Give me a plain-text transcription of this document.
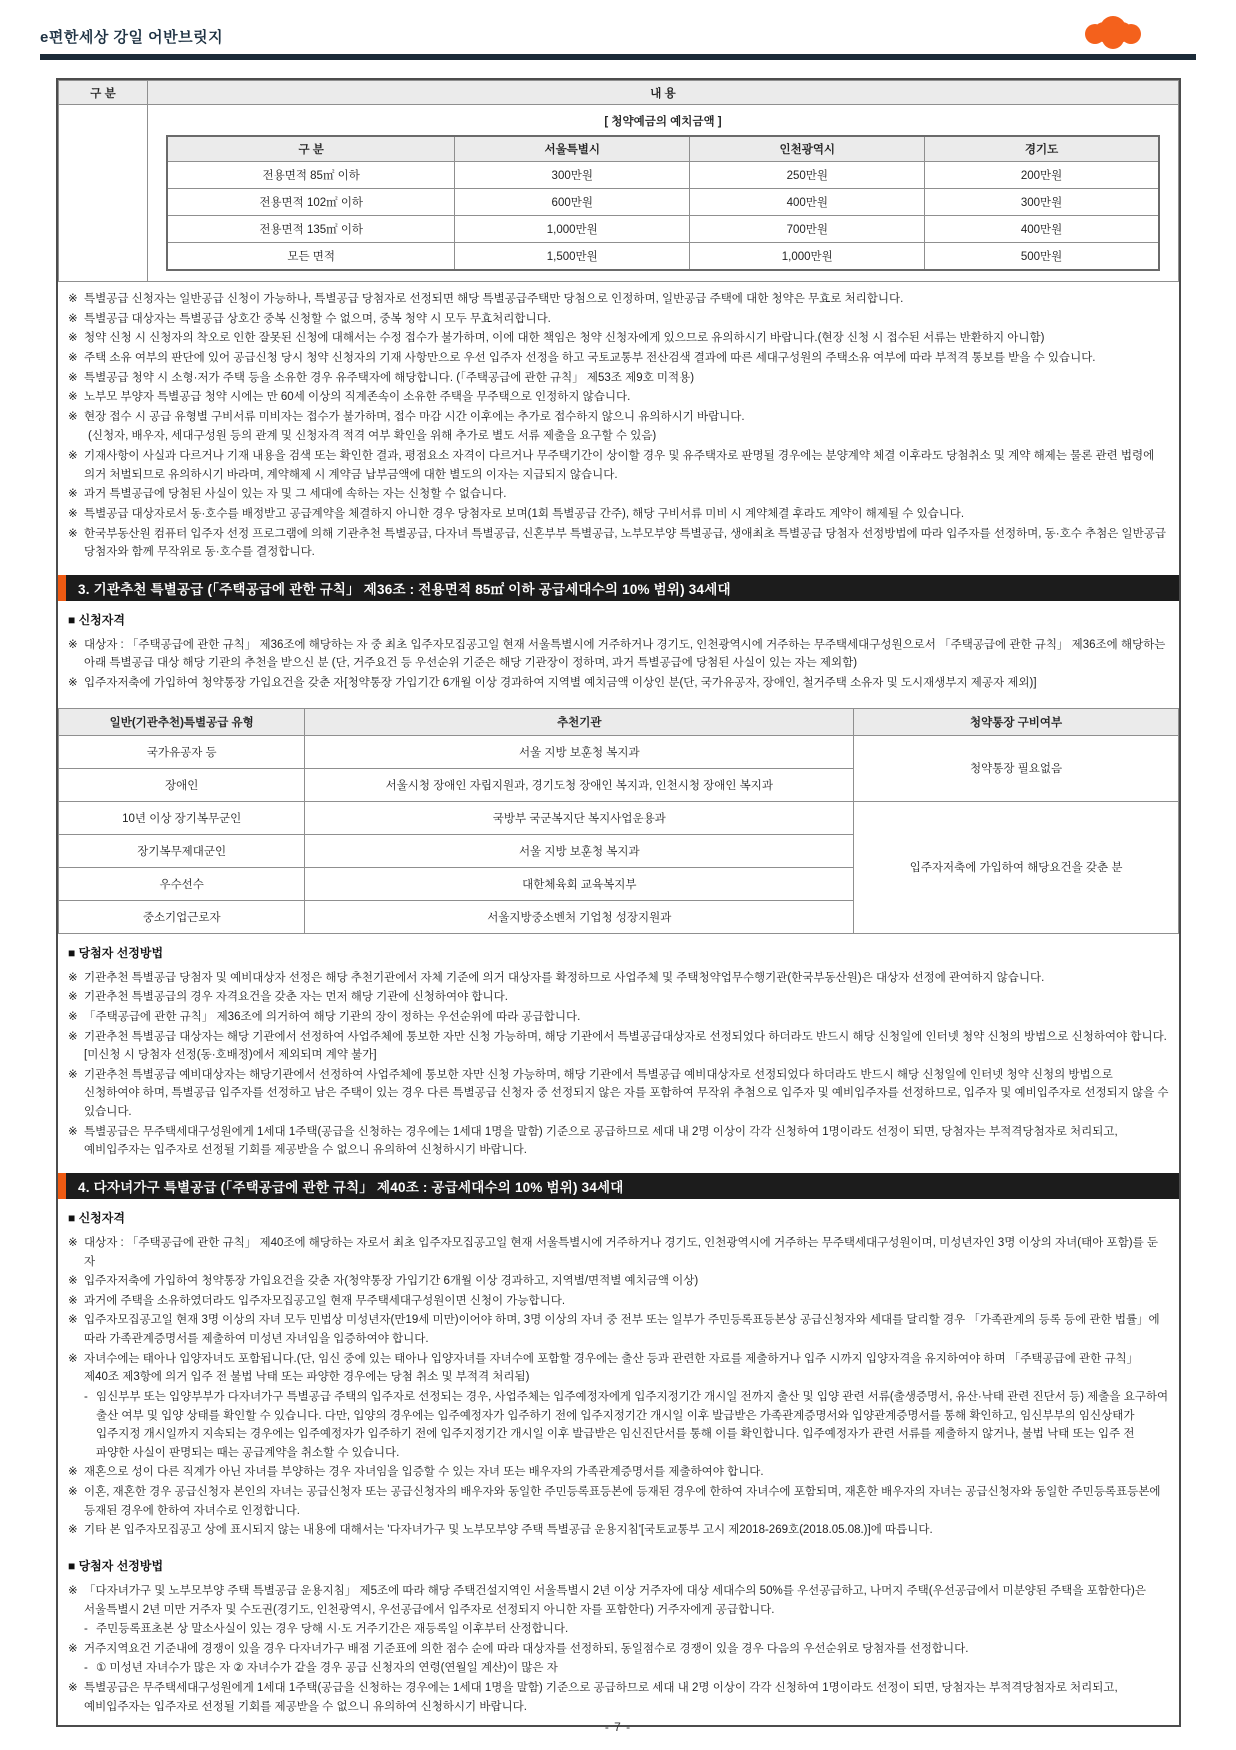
e편한세상 강일 어반브릿지
구 분	내 용

[ 청약예금의 예치금액 ]
구 분	서울특별시	인천광역시	경기도
전용면적 85㎡ 이하	300만원	250만원	200만원
전용면적 102㎡ 이하	600만원	400만원	300만원
전용면적 135㎡ 이하	1,000만원	700만원	400만원
모든 면적	1,500만원	1,000만원	500만원
※ 특별공급 신청자는 일반공급 신청이 가능하나, 특별공급 당첨자로 선정되면 해당 특별공급주택만 당첨으로 인정하며, 일반공급 주택에 대한 청약은 무효로 처리합니다.
※ 특별공급 대상자는 특별공급 상호간 중복 신청할 수 없으며, 중복 청약 시 모두 무효처리합니다.
※ 청약 신청 시 신청자의 착오로 인한 잘못된 신청에 대해서는 수정 접수가 불가하며, 이에 대한 책임은 청약 신청자에게 있으므로 유의하시기 바랍니다.(현장 신청 시 접수된 서류는 반환하지 아니함)
※ 주택 소유 여부의 판단에 있어 공급신청 당시 청약 신청자의 기재 사항만으로 우선 입주자 선정을 하고 국토교통부 전산검색 결과에 따른 세대구성원의 주택소유 여부에 따라 부적격 통보를 받을 수 있습니다.
※ 특별공급 청약 시 소형·저가 주택 등을 소유한 경우 유주택자에 해당합니다. (「주택공급에 관한 규칙」 제53조 제9호 미적용)
※ 노부모 부양자 특별공급 청약 시에는 만 60세 이상의 직계존속이 소유한 주택을 무주택으로 인정하지 않습니다.
※ 현장 접수 시 공급 유형별 구비서류 미비자는 접수가 불가하며, 접수 마감 시간 이후에는 추가로 접수하지 않으니 유의하시기 바랍니다.
(신청자, 배우자, 세대구성원 등의 관계 및 신청자격 적격 여부 확인을 위해 추가로 별도 서류 제출을 요구할 수 있음)
※ 기재사항이 사실과 다르거나 기재 내용을 검색 또는 확인한 결과, 평점요소 자격이 다르거나 무주택기간이 상이할 경우 및 유주택자로 판명될 경우에는 분양계약 체결 이후라도 당첨취소 및 계약 해제는 물론 관련 법령에 의거 처벌되므로 유의하시기 바라며, 계약해제 시 계약금 납부금액에 대한 별도의 이자는 지급되지 않습니다.
※ 과거 특별공급에 당첨된 사실이 있는 자 및 그 세대에 속하는 자는 신청할 수 없습니다.
※ 특별공급 대상자로서 동·호수를 배정받고 공급계약을 체결하지 아니한 경우 당첨자로 보며(1회 특별공급 간주), 해당 구비서류 미비 시 계약체결 후라도 계약이 해제될 수 있습니다.
※ 한국부동산원 컴퓨터 입주자 선정 프로그램에 의해 기관추천 특별공급, 다자녀 특별공급, 신혼부부 특별공급, 노부모부양 특별공급, 생애최초 특별공급 당첨자 선정방법에 따라 입주자를 선정하며, 동·호수 추첨은 일반공급 당첨자와 함께 무작위로 동·호수를 결정합니다.
3. 기관추천 특별공급 (「주택공급에 관한 규칙」 제36조 : 전용면적 85㎡ 이하 공급세대수의 10% 범위) 34세대
■ 신청자격
※ 대상자 : 「주택공급에 관한 규칙」 제36조에 해당하는 자 중 최초 입주자모집공고일 현재 서울특별시에 거주하거나 경기도, 인천광역시에 거주하는 무주택세대구성원으로서 「주택공급에 관한 규칙」 제36조에 해당하는 아래 특별공급 대상 해당 기관의 추천을 받으신 분 (단, 거주요건 등 우선순위 기준은 해당 기관장이 정하며, 과거 특별공급에 당첨된 사실이 있는 자는 제외함)
※ 입주자저축에 가입하여 청약통장 가입요건을 갖춘 자[청약통장 가입기간 6개월 이상 경과하여 지역별 예치금액 이상인 분(단, 국가유공자, 장애인, 철거주택 소유자 및 도시재생부지 제공자 제외)]
일반(기관추천)특별공급 유형	추천기관	청약통장 구비여부
국가유공자 등	서울 지방 보훈청 복지과	청약통장 필요없음
장애인	서울시청 장애인 자립지원과, 경기도청 장애인 복지과, 인천시청 장애인 복지과	
10년 이상 장기복무군인	국방부 국군복지단 복지사업운용과	입주자저축에 가입하여 해당요건을 갖춘 분
장기복무제대군인	서울 지방 보훈청 복지과	
우수선수	대한체육회 교육복지부	
중소기업근로자	서울지방중소벤처 기업청 성장지원과	
■ 당첨자 선정방법
※ 기관추천 특별공급 당첨자 및 예비대상자 선정은 해당 추천기관에서 자체 기준에 의거 대상자를 확정하므로 사업주체 및 주택청약업무수행기관(한국부동산원)은 대상자 선정에 관여하지 않습니다.
※ 기관추천 특별공급의 경우 자격요건을 갖춘 자는 먼저 해당 기관에 신청하여야 합니다.
※ 「주택공급에 관한 규칙」 제36조에 의거하여 해당 기관의 장이 정하는 우선순위에 따라 공급합니다.
※ 기관추천 특별공급 대상자는 해당 기관에서 선정하여 사업주체에 통보한 자만 신청 가능하며, 해당 기관에서 특별공급대상자로 선정되었다 하더라도 반드시 해당 신청일에 인터넷 청약 신청의 방법으로 신청하여야 합니다.[미신청 시 당첨자 선정(동·호배정)에서 제외되며 계약 불가]
※ 기관추천 특별공급 예비대상자는 해당기관에서 선정하여 사업주체에 통보한 자만 신청 가능하며, 해당 기관에서 특별공급 예비대상자로 선정되었다 하더라도 반드시 해당 신청일에 인터넷 청약 신청의 방법으로 신청하여야 하며, 특별공급 입주자를 선정하고 남은 주택이 있는 경우 다른 특별공급 신청자 중 선정되지 않은 자를 포함하여 무작위 추첨으로 입주자 및 예비입주자를 선정하므로, 입주자 및 예비입주자로 선정되지 않을 수 있습니다.
※ 특별공급은 무주택세대구성원에게 1세대 1주택(공급을 신청하는 경우에는 1세대 1명을 말함) 기준으로 공급하므로 세대 내 2명 이상이 각각 신청하여 1명이라도 선정이 되면, 당첨자는 부적격당첨자로 처리되고, 예비입주자는 입주자로 선정될 기회를 제공받을 수 없으니 유의하여 신청하시기 바랍니다.
4. 다자녀가구 특별공급 (「주택공급에 관한 규칙」 제40조 : 공급세대수의 10% 범위) 34세대
■ 신청자격
※ 대상자 : 「주택공급에 관한 규칙」 제40조에 해당하는 자로서 최초 입주자모집공고일 현재 서울특별시에 거주하거나 경기도, 인천광역시에 거주하는 무주택세대구성원이며, 미성년자인 3명 이상의 자녀(태아 포함)를 둔 자
※ 입주자저축에 가입하여 청약통장 가입요건을 갖춘 자(청약통장 가입기간 6개월 이상 경과하고, 지역별/면적별 예치금액 이상)
※ 과거에 주택을 소유하였더라도 입주자모집공고일 현재 무주택세대구성원이면 신청이 가능합니다.
※ 입주자모집공고일 현재 3명 이상의 자녀 모두 민법상 미성년자(만19세 미만)이어야 하며, 3명 이상의 자녀 중 전부 또는 일부가 주민등록표등본상 공급신청자와 세대를 달리할 경우 「가족관계의 등록 등에 관한 법률」에 따라 가족관계증명서를 제출하여 미성년 자녀임을 입증하여야 합니다.
※ 자녀수에는 태아나 입양자녀도 포함됩니다.(단, 임신 중에 있는 태아나 입양자녀를 자녀수에 포함할 경우에는 출산 등과 관련한 자료를 제출하거나 입주 시까지 입양자격을 유지하여야 하며 「주택공급에 관한 규칙」 제40조 제3항에 의거 입주 전 불법 낙태 또는 파양한 경우에는 당첨 취소 및 부적격 처리됨)
- 임신부부 또는 입양부부가 다자녀가구 특별공급 주택의 입주자로 선정되는 경우, 사업주체는 입주예정자에게 입주지정기간 개시일 전까지 출산 및 입양 관련 서류(출생증명서, 유산·낙태 관련 진단서 등) 제출을 요구하여 출산 여부 및 입양 상태를 확인할 수 있습니다. 다만, 입양의 경우에는 입주예정자가 입주하기 전에 입주지정기간 개시일 이후 발급받은 가족관계증명서와 입양관계증명서를 통해 확인하고, 임신부부의 임신상태가 입주지정 개시일까지 지속되는 경우에는 입주예정자가 입주하기 전에 입주지정기간 개시일 이후 발급받은 임신진단서를 통해 이를 확인합니다. 입주예정자가 관련 서류를 제출하지 않거나, 불법 낙태 또는 입주 전 파양한 사실이 판명되는 때는 공급계약을 취소할 수 있습니다.
※ 재혼으로 성이 다른 직계가 아닌 자녀를 부양하는 경우 자녀임을 입증할 수 있는 자녀 또는 배우자의 가족관계증명서를 제출하여야 합니다.
※ 이혼, 재혼한 경우 공급신청자 본인의 자녀는 공급신청자 또는 공급신청자의 배우자와 동일한 주민등록표등본에 등재된 경우에 한하여 자녀수에 포함되며, 재혼한 배우자의 자녀는 공급신청자와 동일한 주민등록표등본에 등재된 경우에 한하여 자녀수로 인정합니다.
※ 기타 본 입주자모집공고 상에 표시되지 않는 내용에 대해서는 '다자녀가구 및 노부모부양 주택 특별공급 운용지침'[국토교통부 고시 제2018-269호(2018.05.08.)]에 따릅니다.
■ 당첨자 선정방법
※ 「다자녀가구 및 노부모부양 주택 특별공급 운용지침」 제5조에 따라 해당 주택건설지역인 서울특별시 2년 이상 거주자에 대상 세대수의 50%를 우선공급하고, 나머지 주택(우선공급에서 미분양된 주택을 포함한다)은 서울특별시 2년 미만 거주자 및 수도권(경기도, 인천광역시, 우선공급에서 입주자로 선정되지 아니한 자를 포함한다) 거주자에게 공급합니다.
- 주민등록표초본 상 말소사실이 있는 경우 당해 시·도 거주기간은 재등록일 이후부터 산정합니다.
※ 거주지역요건 기준내에 경쟁이 있을 경우 다자녀가구 배점 기준표에 의한 점수 순에 따라 대상자를 선정하되, 동일점수로 경쟁이 있을 경우 다음의 우선순위로 당첨자를 선정합니다.
- ① 미성년 자녀수가 많은 자 ② 자녀수가 같을 경우 공급 신청자의 연령(연월일 계산)이 많은 자
※ 특별공급은 무주택세대구성원에게 1세대 1주택(공급을 신청하는 경우에는 1세대 1명을 말함) 기준으로 공급하므로 세대 내 2명 이상이 각각 신청하여 1명이라도 선정이 되면, 당첨자는 부적격당첨자로 처리되고, 예비입주자는 입주자로 선정될 기회를 제공받을 수 없으니 유의하여 신청하시기 바랍니다.
- 7 -
